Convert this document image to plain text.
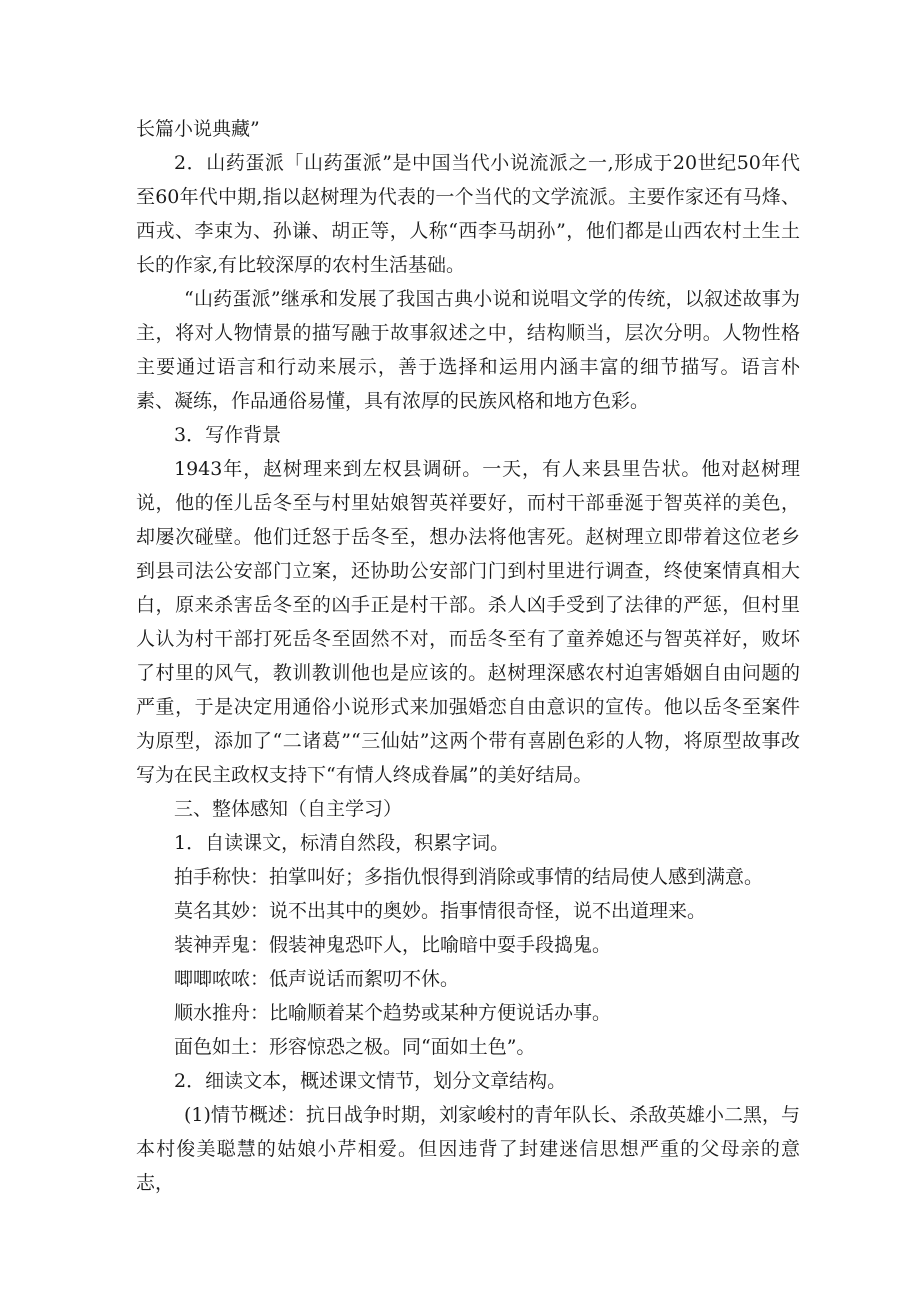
长篇小说典藏”

2．山药蛋派「山药蛋派”是中国当代小说流派之一,形成于20世纪50年代至60年代中期,指以赵树理为代表的一个当代的文学流派。主要作家还有马烽、西戎、李束为、孙谦、胡正等，人称“西李马胡孙”，他们都是山西农村土生土长的作家,有比较深厚的农村生活基础。

“山药蛋派”继承和发展了我国古典小说和说唱文学的传统，以叙述故事为主，将对人物情景的描写融于故事叙述之中，结构顺当，层次分明。人物性格主要通过语言和行动来展示，善于选择和运用内涵丰富的细节描写。语言朴素、凝练，作品通俗易懂，具有浓厚的民族风格和地方色彩。

3．写作背景

1943年，赵树理来到左权县调研。一天，有人来县里告状。他对赵树理说，他的侄儿岳冬至与村里姑娘智英祥要好，而村干部垂涎于智英祥的美色，却屡次碰壁。他们迁怒于岳冬至，想办法将他害死。赵树理立即带着这位老乡到县司法公安部门立案，还协助公安部门门到村里进行调查，终使案情真相大白，原来杀害岳冬至的凶手正是村干部。杀人凶手受到了法律的严惩，但村里人认为村干部打死岳冬至固然不对，而岳冬至有了童养媳还与智英祥好，败坏了村里的风气，教训教训他也是应该的。赵树理深感农村迫害婚姻自由问题的严重，于是决定用通俗小说形式来加强婚恋自由意识的宣传。他以岳冬至案件为原型，添加了“二诸葛”“三仙姑”这两个带有喜剧色彩的人物，将原型故事改写为在民主政权支持下“有情人终成眷属”的美好结局。

三、整体感知（自主学习）

1．自读课文，标清自然段，积累字词。

拍手称快：拍掌叫好；多指仇恨得到消除或事情的结局使人感到满意。

莫名其妙：说不出其中的奥妙。指事情很奇怪，说不出道理来。

装神弄鬼：假装神鬼恐吓人，比喻暗中耍手段捣鬼。

唧唧哝哝：低声说话而絮叨不休。

顺水推舟：比喻顺着某个趋势或某种方便说话办事。

面色如土：形容惊恐之极。同“面如土色”。

2．细读文本，概述课文情节，划分文章结构。

(1)情节概述：抗日战争时期，刘家峻村的青年队长、杀敌英雄小二黑，与本村俊美聪慧的姑娘小芹相爱。但因违背了封建迷信思想严重的父母亲的意志，
